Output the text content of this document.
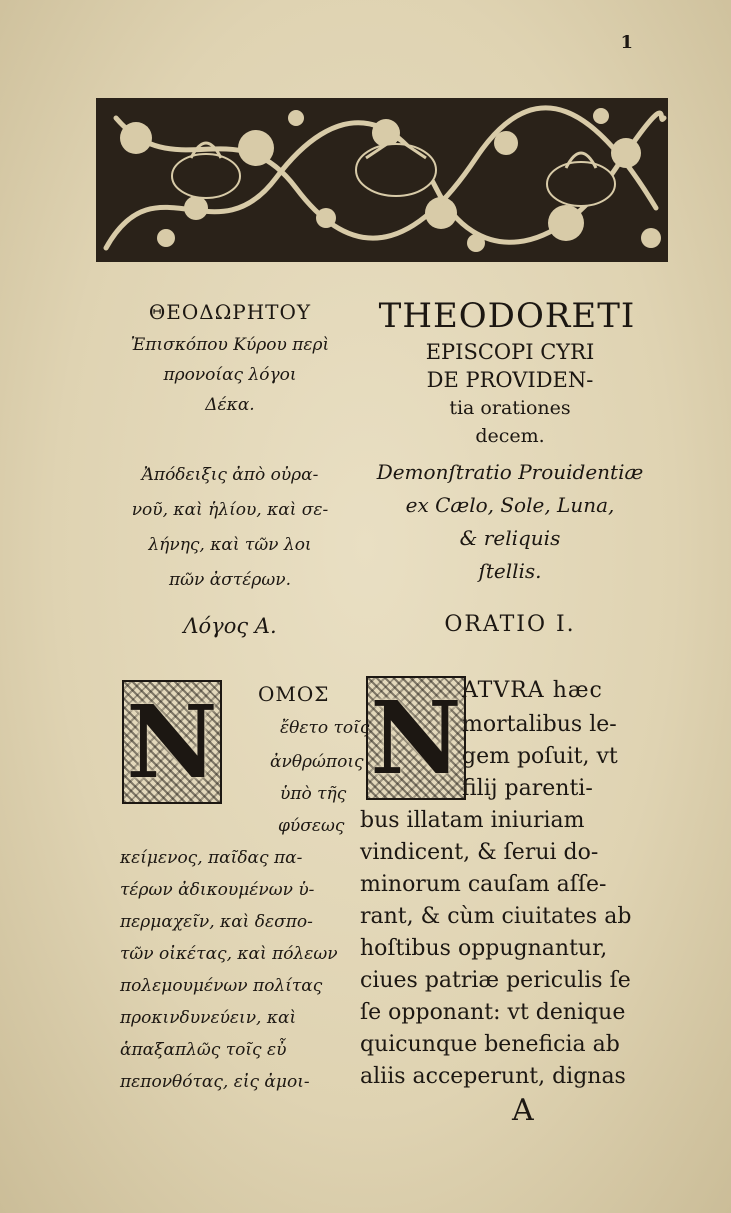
1
ΘΕΟΔΩΡΗΤΟΥ
Ἐπισκόπου Κύρου περὶ
προνοίας λόγοι
Δέκα.
THEODORETI
EPISCOPI CYRI
DE PROVIDEN-
tia orationes
decem.
Ἀπόδειξις ἀπὸ οὐρα-
νοῦ, καὶ ἡλίου, καὶ σε-
λήνης, καὶ τῶν λοι
πῶν ἀστέρων.
Demonſtratio Prouidentiæ
ex Cælo, Sole, Luna,
& reliquis
ſtellis.
Λόγος Α.	ORATIO I.
N N
ΟΜΟΣ
ἔθετο τοῖς
ἀνθρώποις
ὑπὸ τῆς
φύσεως
κείμενος, παῖδας πα-
τέρων ἀδικουμένων ὑ-
περμαχεῖν, καὶ δεσπο-
τῶν οἰκέτας, καὶ πόλεων
πολεμουμένων πολίτας
προκινδυνεύειν, καὶ
ἁπαξαπλῶς τοῖς εὖ
πεπονθότας, εἰς ἀμοι-
ATVRA hæc
mortalibus le-
gem poſuit, vt
filij parenti-
bus illatam iniuriam
vindicent, & ſerui do-
minorum cauſam aſſe-
rant, & cùm ciuitates ab
hoſtibus oppugnantur,
ciues patriæ periculis ſe
ſe opponant: vt denique
quicunque beneficia ab
aliis acceperunt, dignas
A
